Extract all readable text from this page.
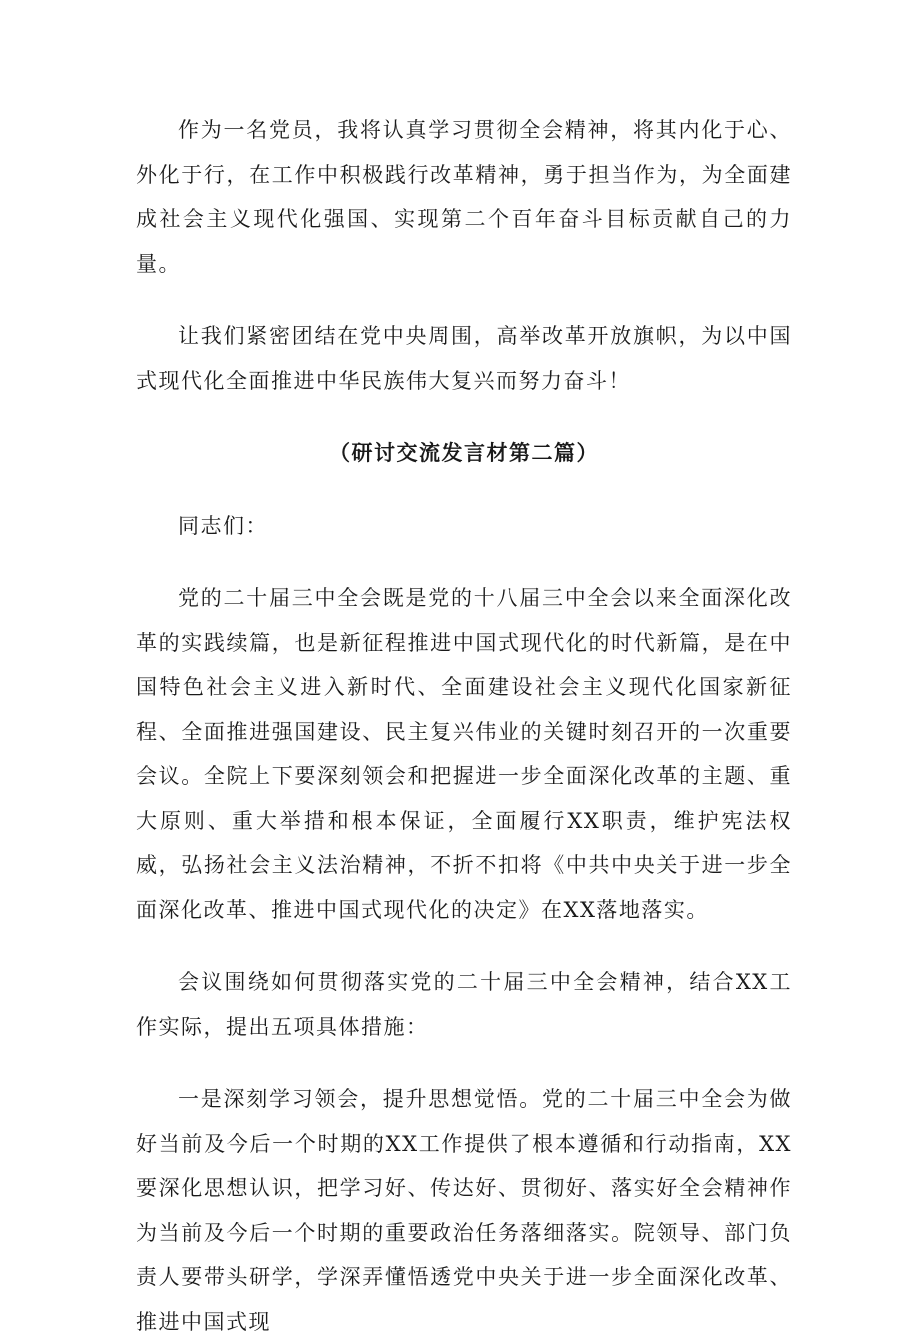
作为一名党员，我将认真学习贯彻全会精神，将其内化于心、外化于行，在工作中积极践行改革精神，勇于担当作为，为全面建成社会主义现代化强国、实现第二个百年奋斗目标贡献自己的力量。

让我们紧密团结在党中央周围，高举改革开放旗帜，为以中国式现代化全面推进中华民族伟大复兴而努力奋斗！

（研讨交流发言材第二篇）

同志们：

党的二十届三中全会既是党的十八届三中全会以来全面深化改革的实践续篇，也是新征程推进中国式现代化的时代新篇，是在中国特色社会主义进入新时代、全面建设社会主义现代化国家新征程、全面推进强国建设、民主复兴伟业的关键时刻召开的一次重要会议。全院上下要深刻领会和把握进一步全面深化改革的主题、重大原则、重大举措和根本保证，全面履行XX职责，维护宪法权威，弘扬社会主义法治精神，不折不扣将《中共中央关于进一步全面深化改革、推进中国式现代化的决定》在XX落地落实。

会议围绕如何贯彻落实党的二十届三中全会精神，结合XX工作实际，提出五项具体措施：

一是深刻学习领会，提升思想觉悟。党的二十届三中全会为做好当前及今后一个时期的XX工作提供了根本遵循和行动指南，XX要深化思想认识，把学习好、传达好、贯彻好、落实好全会精神作为当前及今后一个时期的重要政治任务落细落实。院领导、部门负责人要带头研学，学深弄懂悟透党中央关于进一步全面深化改革、推进中国式现
